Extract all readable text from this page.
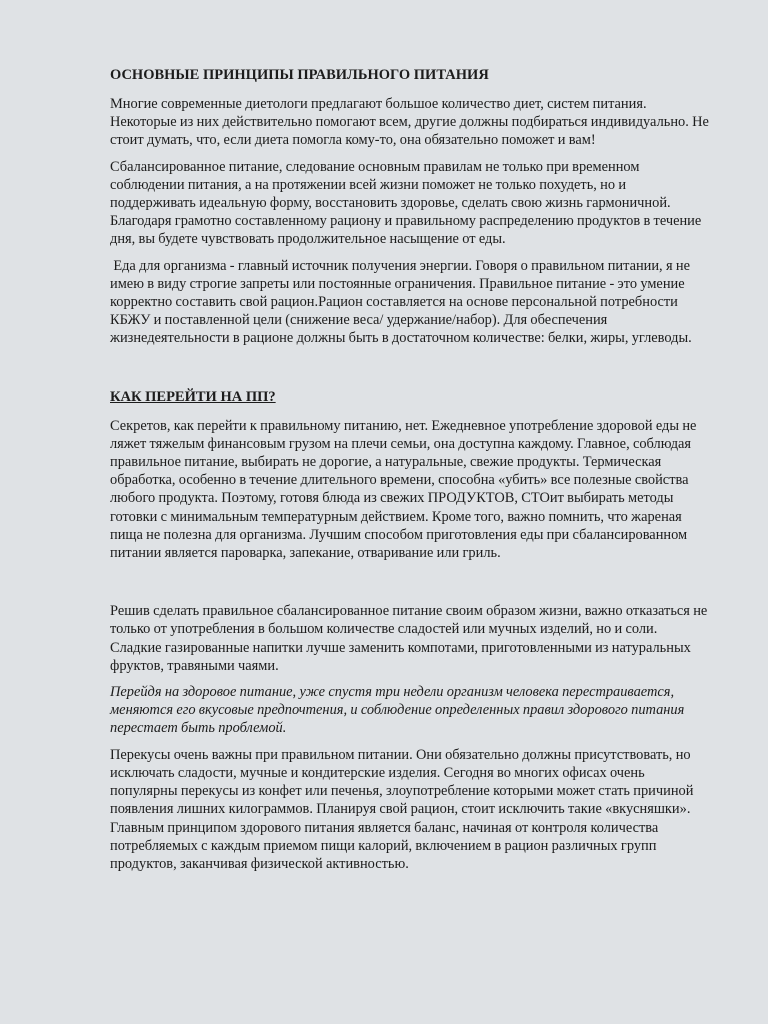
ОСНОВНЫЕ ПРИНЦИПЫ ПРАВИЛЬНОГО ПИТАНИЯ

Многие современные диетологи предлагают большое количество диет, систем питания. Некоторые из них действительно помогают всем, другие должны подбираться индивидуально. Не стоит думать, что, если диета помогла кому-то, она обязательно поможет и вам!

Сбалансированное питание, следование основным правилам не только при временном соблюдении питания, а на протяжении всей жизни поможет не только похудеть, но и поддерживать идеальную форму, восстановить здоровье, сделать свою жизнь гармоничной. Благодаря грамотно составленному рациону и правильному распределению продуктов в течение дня, вы будете чувствовать продолжительное насыщение от еды.

Еда для организма - главный источник получения энергии. Говоря о правильном питании, я не имею в виду строгие запреты или постоянные ограничения. Правильное питание - это умение корректно составить свой рацион.Рацион составляется на основе персональной потребности КБЖУ и поставленной цели (снижение веса/ удержание/набор). Для обеспечения жизнедеятельности в рационе должны быть в достаточном количестве: белки, жиры, углеводы.

КАК ПЕРЕЙТИ НА ПП?

Секретов, как перейти к правильному питанию, нет. Ежедневное употребление здоровой еды не ляжет тяжелым финансовым грузом на плечи семьи, она доступна каждому. Главное, соблюдая правильное питание, выбирать не дорогие, а натуральные, свежие продукты. Термическая обработка, особенно в течение длительного времени, способна «убить» все полезные свойства любого продукта. Поэтому, готовя блюда из свежих ПРОДУКТОВ, СТОит выбирать методы готовки с минимальным температурным действием. Кроме того, важно помнить, что жареная пища не полезна для организма. Лучшим способом приготовления еды при сбалансированном питании является пароварка, запекание, отваривание или гриль.

Решив сделать правильное сбалансированное питание своим образом жизни, важно отказаться не только от употребления в большом количестве сладостей или мучных изделий, но и соли. Сладкие газированные напитки лучше заменить компотами, приготовленными из натуральных фруктов, травяными чаями.

Перейдя на здоровое питание, уже спустя три недели организм человека перестраивается, меняются его вкусовые предпочтения, и соблюдение определенных правил здорового питания перестает быть проблемой.

Перекусы очень важны при правильном питании. Они обязательно должны присутствовать, но исключать сладости, мучные и кондитерские изделия. Сегодня во многих офисах очень популярны перекусы из конфет или печенья, злоупотребление которыми может стать причиной появления лишних килограммов. Планируя свой рацион, стоит исключить такие «вкусняшки». Главным принципом здорового питания является баланс, начиная от контроля количества потребляемых с каждым приемом пищи калорий, включением в рацион различных групп продуктов, заканчивая физической активностью.
